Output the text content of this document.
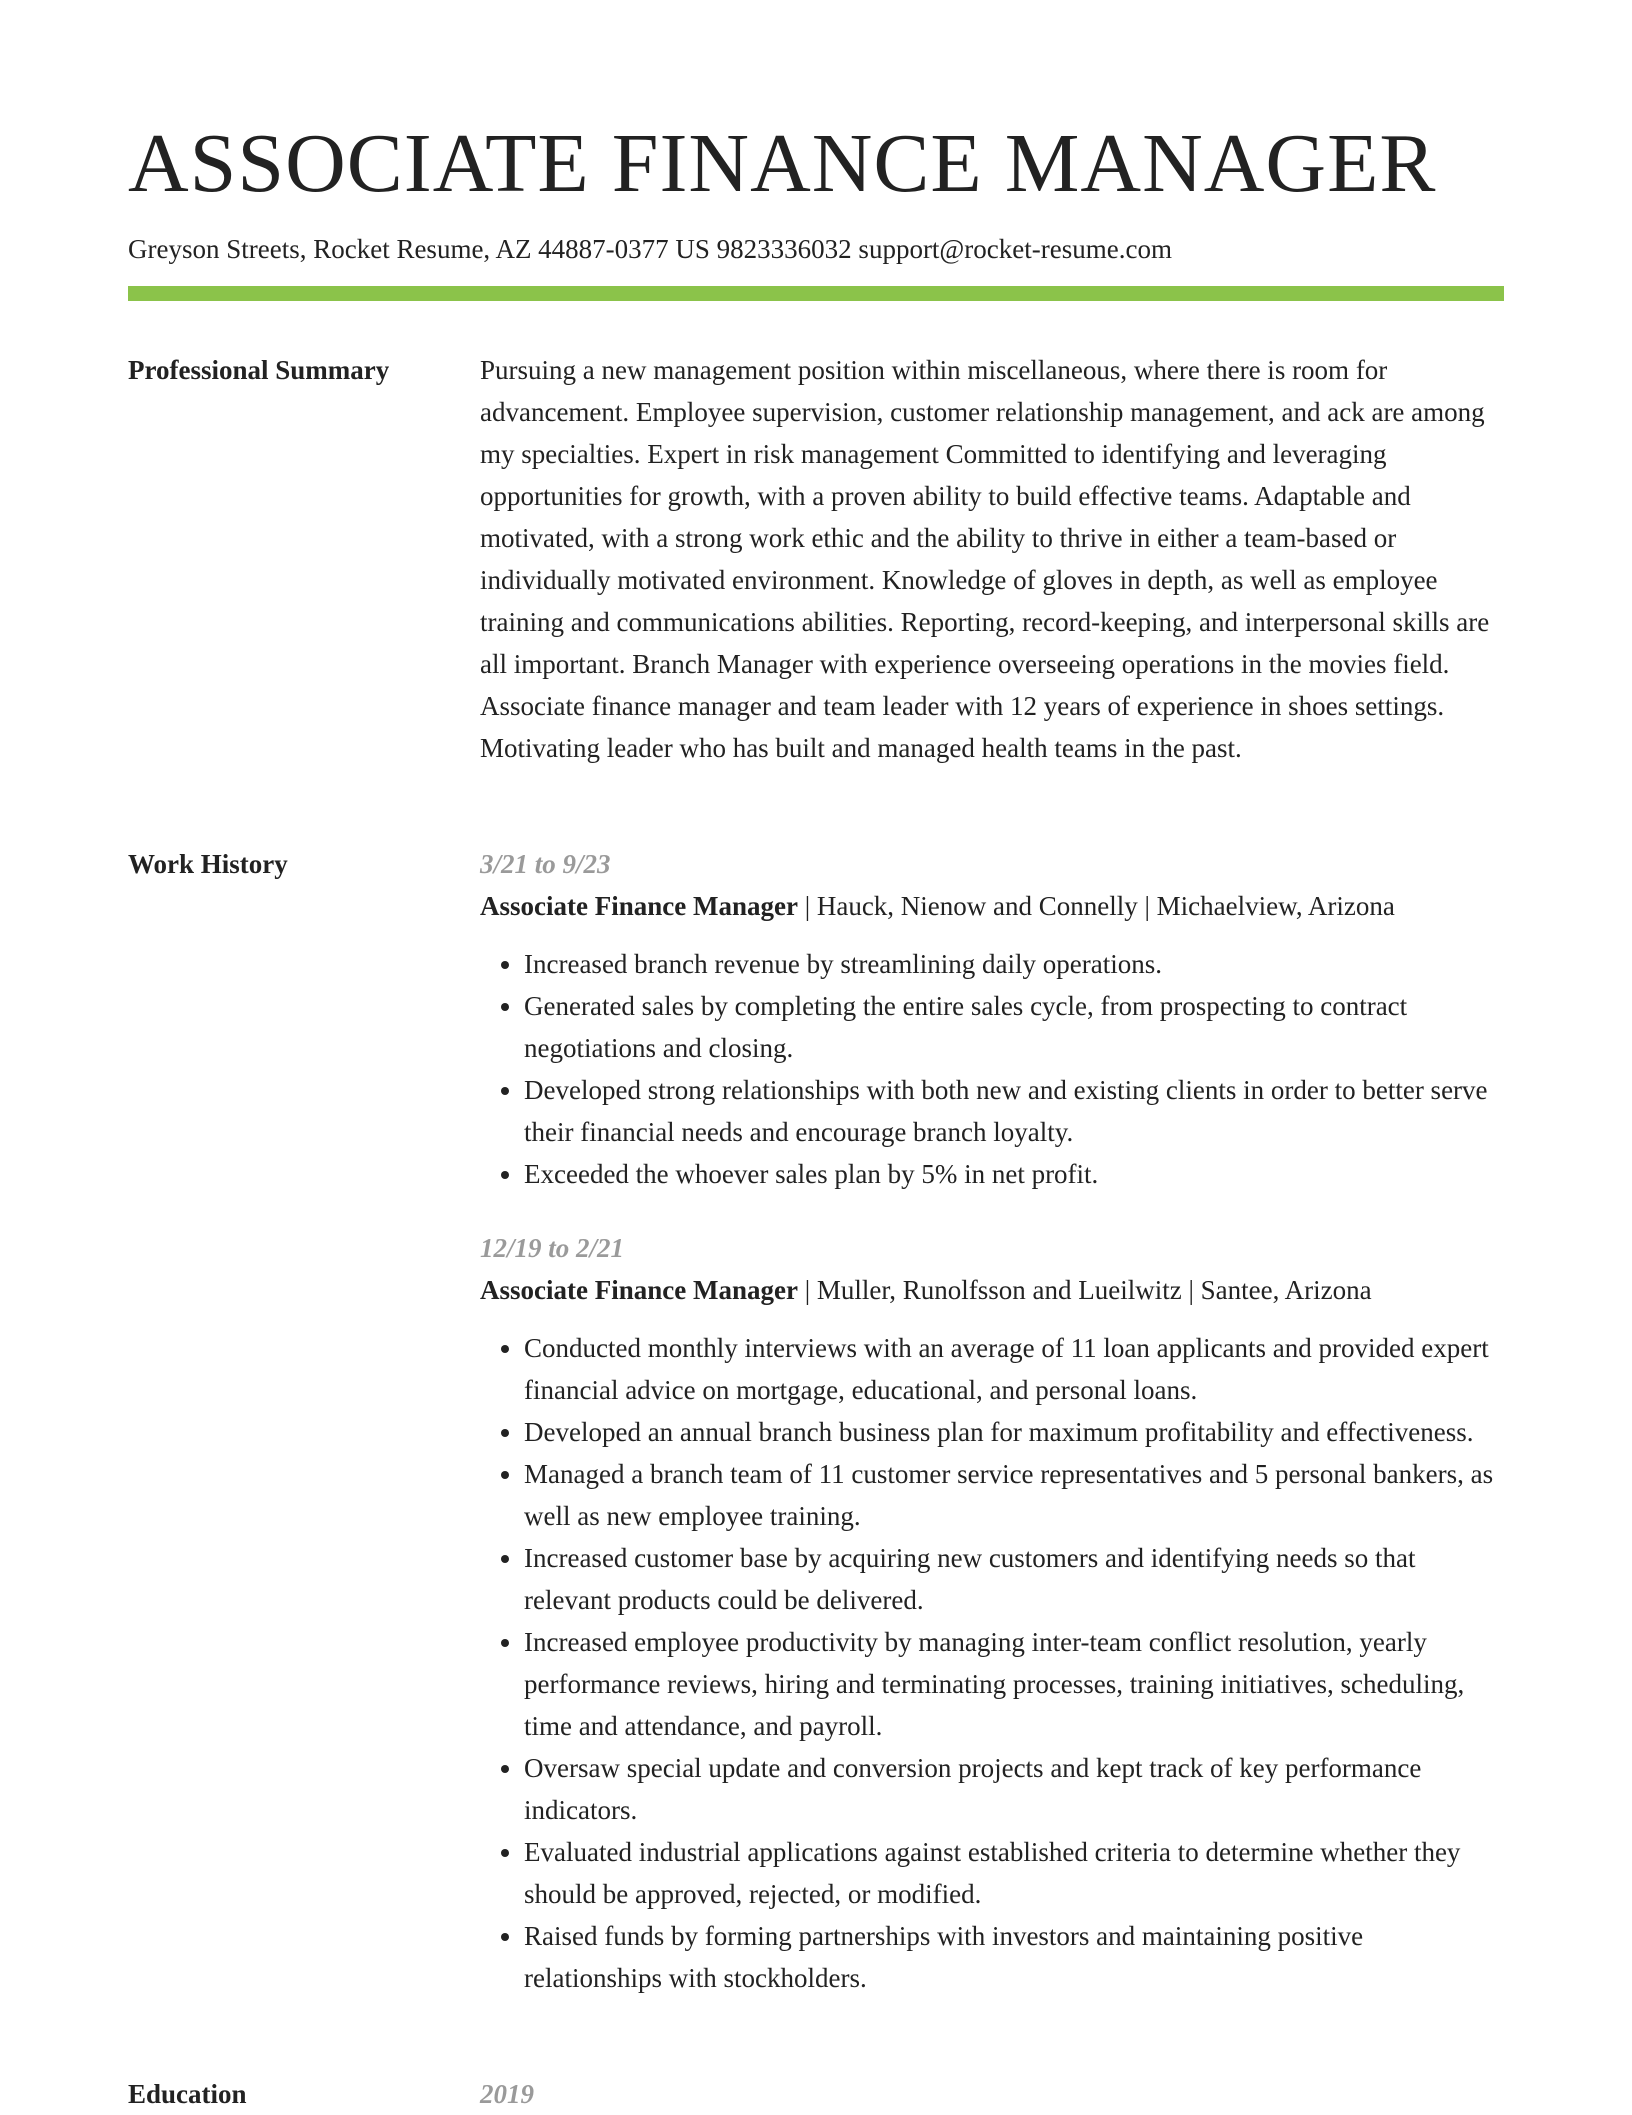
ASSOCIATE FINANCE MANAGER
Greyson Streets, Rocket Resume, AZ 44887-0377 US 9823336032 support@rocket-resume.com
Professional Summary	Pursuing a new management position within miscellaneous, where there is room for advancement. Employee supervision, customer relationship management, and ack are among my specialties. Expert in risk management Committed to identifying and leveraging opportunities for growth, with a proven ability to build effective teams. Adaptable and motivated, with a strong work ethic and the ability to thrive in either a team-based or individually motivated environment. Knowledge of gloves in depth, as well as employee training and communications abilities. Reporting, record-keeping, and interpersonal skills are all important. Branch Manager with experience overseeing operations in the movies field. Associate finance manager and team leader with 12 years of experience in shoes settings. Motivating leader who has built and managed health teams in the past.

Work History	3/21 to 9/23
Associate Finance Manager | Hauck, Nienow and Connelly | Michaelview, Arizona
• Increased branch revenue by streamlining daily operations.
• Generated sales by completing the entire sales cycle, from prospecting to contract negotiations and closing.
• Developed strong relationships with both new and existing clients in order to better serve their financial needs and encourage branch loyalty.
• Exceeded the whoever sales plan by 5% in net profit.
12/19 to 2/21
Associate Finance Manager | Muller, Runolfsson and Lueilwitz | Santee, Arizona
• Conducted monthly interviews with an average of 11 loan applicants and provided expert financial advice on mortgage, educational, and personal loans.
• Developed an annual branch business plan for maximum profitability and effectiveness.
• Managed a branch team of 11 customer service representatives and 5 personal bankers, as well as new employee training.
• Increased customer base by acquiring new customers and identifying needs so that relevant products could be delivered.
• Increased employee productivity by managing inter-team conflict resolution, yearly performance reviews, hiring and terminating processes, training initiatives, scheduling, time and attendance, and payroll.
• Oversaw special update and conversion projects and kept track of key performance indicators.
• Evaluated industrial applications against established criteria to determine whether they should be approved, rejected, or modified.
• Raised funds by forming partnerships with investors and maintaining positive relationships with stockholders.
Education	2019
